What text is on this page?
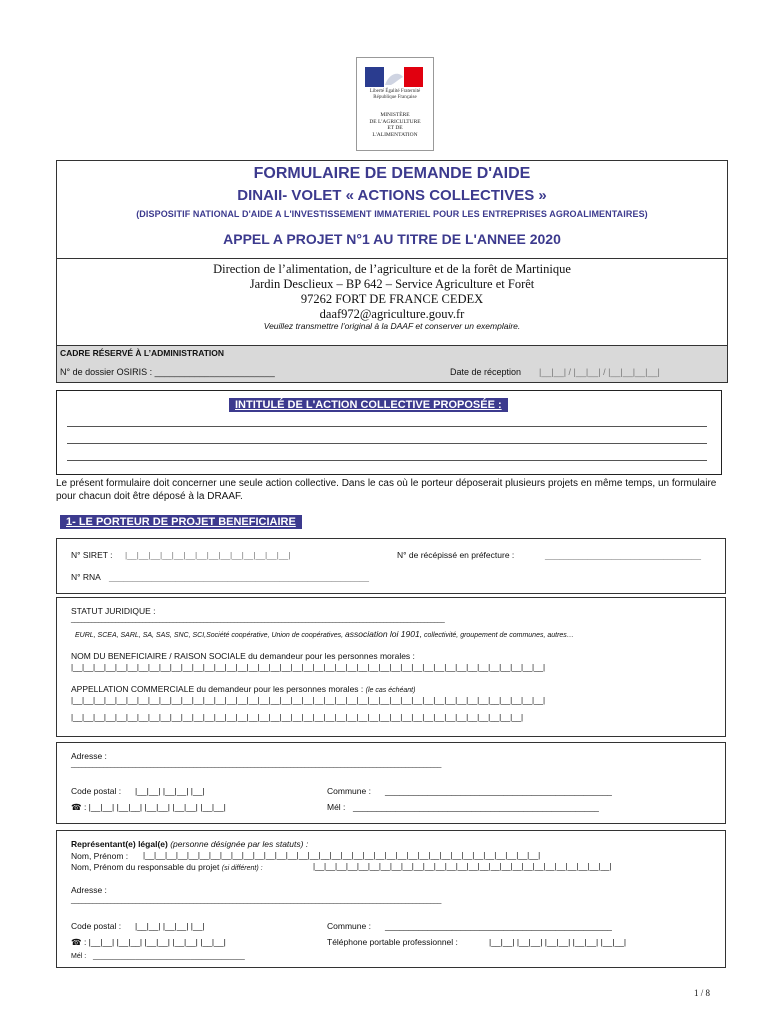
Liberté Égalité Fraternité
République Française
MINISTÈRE
DE L'AGRICULTURE
ET DE
L'ALIMENTATION
FORMULAIRE DE DEMANDE D'AIDE
DINAII- VOLET « ACTIONS COLLECTIVES »
(DISPOSITIF NATIONAL D'AIDE A L'INVESTISSEMENT IMMATERIEL POUR LES ENTREPRISES AGROALIMENTAIRES)
APPEL A PROJET N°1 AU TITRE DE L'ANNEE 2020
Direction de l’alimentation, de l’agriculture et de la forêt de Martinique
Jardin Desclieux – BP 642 – Service Agriculture et Forêt
97262 FORT DE FRANCE CEDEX
daaf972@agriculture.gouv.fr
Veuillez transmettre l’original à la DAAF et conserver un exemplaire.
CADRE RÉSERVÉ À L’ADMINISTRATION
N° de dossier OSIRIS : ________________________	Date de réception |__|__| / |__|__| / |__|__|__|__|
INTITULÉ DE L'ACTION COLLECTIVE PROPOSÉE :
Le présent formulaire doit concerner une seule action collective. Dans le cas où le porteur déposerait plusieurs projets en même temps, un formulaire pour chacun doit être déposé à la DRAAF.
1- LE PORTEUR DE PROJET BENEFICIAIRE
N° SIRET : |__|__|__|__|__|__|__|__|__|__|__|__|__|__|	N° de récépissé en préfecture :	_________________________________
N° RNA _______________________________________________________
STATUT JURIDIQUE :
______________________________________________________________________________________________________________
EURL, SCEA, SARL, SA, SAS, SNC, SCI,Société coopérative, Union de coopératives, association loi 1901, collectivité, groupement de communes, autres…
NOM DU BENEFICIAIRE / RAISON SOCIALE du demandeur pour les personnes morales :
|__|__|__|__|__|__|__|__|__|__|__|__|__|__|__|__|__|__|__|__|__|__|__|__|__|__|__|__|__|__|__|__|__|__|__|__|__|__|__|__|__|__|__|
APPELLATION COMMERCIALE du demandeur pour les personnes morales : (le cas échéant)
|__|__|__|__|__|__|__|__|__|__|__|__|__|__|__|__|__|__|__|__|__|__|__|__|__|__|__|__|__|__|__|__|__|__|__|__|__|__|__|__|__|__|__|
|__|__|__|__|__|__|__|__|__|__|__|__|__|__|__|__|__|__|__|__|__|__|__|__|__|__|__|__|__|__|__|__|__|__|__|__|__|__|__|__|__|
Adresse :
_______________________________________________________________________________________________________
Code postal : |__|__| |__|__| |__|	Commune : ________________________________________________
☎ : |__|__| |__|__| |__|__| |__|__| |__|__|	Mél : ____________________________________________________
Représentant(e) légal(e) (personne désignée par les statuts) :
Nom, Prénom : |__|__|__|__|__|__|__|__|__|__|__|__|__|__|__|__|__|__|__|__|__|__|__|__|__|__|__|__|__|__|__|__|__|__|__|__|
Nom, Prénom du responsable du projet (si différent) :	|__|__|__|__|__|__|__|__|__|__|__|__|__|__|__|__|__|__|__|__|__|__|__|__|__|__|__|
Adresse :
_______________________________________________________________________________________________________
Code postal : |__|__| |__|__| |__|	Commune : ________________________________________________
☎ : |__|__| |__|__| |__|__| |__|__| |__|__|	Téléphone portable professionnel :	|__|__| |__|__| |__|__| |__|__| |__|__|
Mél : _______________________________________
1 / 8
